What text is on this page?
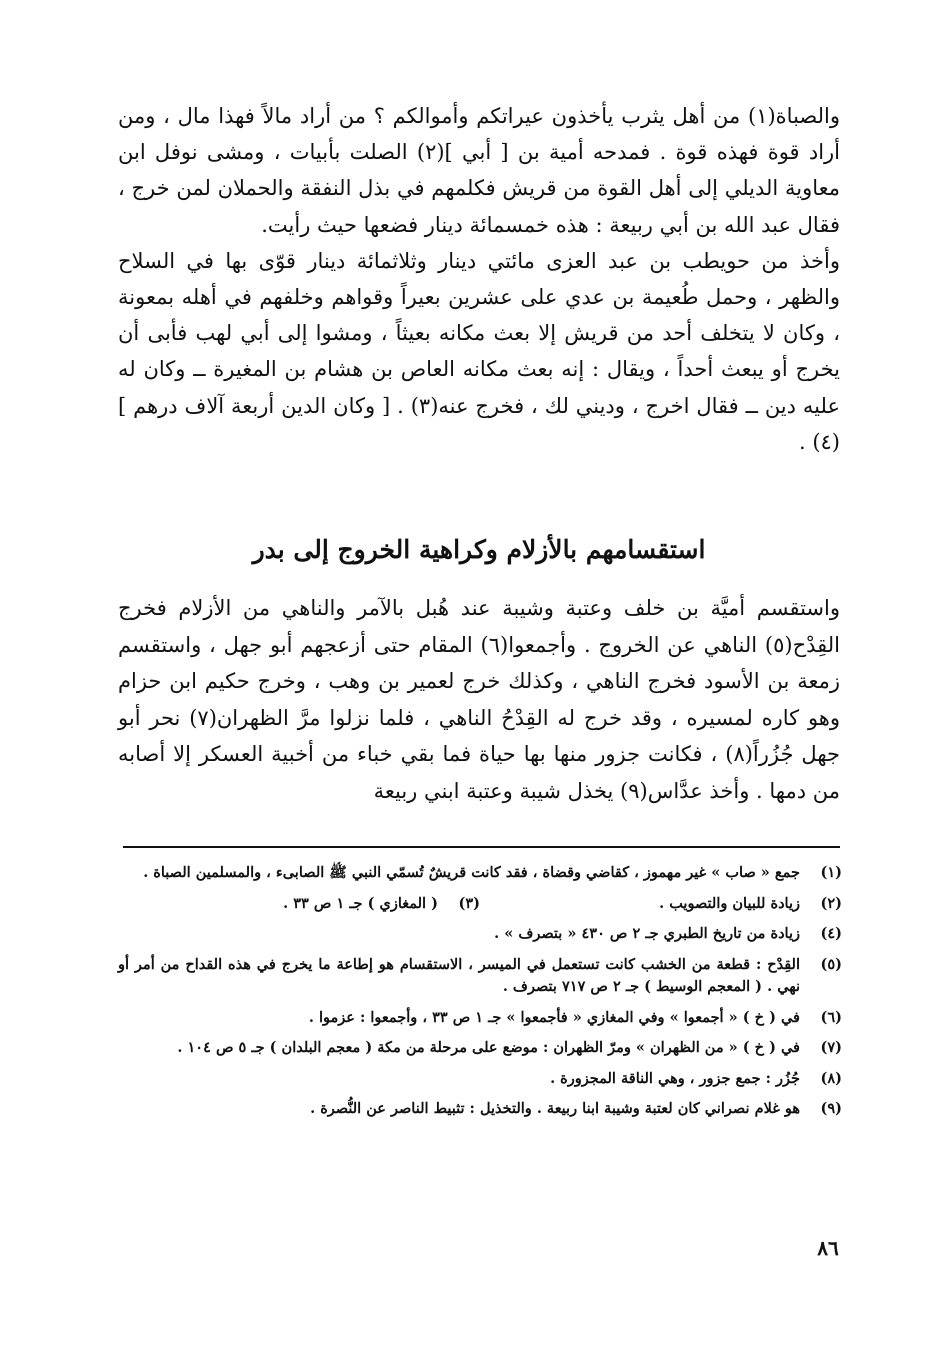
والصباة(١) من أهل يثرب يأخذون عيراتكم وأموالكم ؟ من أراد مالاً فهذا مال ، ومن أراد قوة فهذه قوة . فمدحه أمية بن [ أبي ](٢) الصلت بأبيات ، ومشى نوفل ابن معاوية الديلي إلى أهل القوة من قريش فكلمهم في بذل النفقة والحملان لمن خرج ، فقال عبد الله بن أبي ربيعة : هذه خمسمائة دينار فضعها حيث رأيت.

وأخذ من حويطب بن عبد العزى مائتي دينار وثلاثمائة دينار قوّى بها في السلاح والظهر ، وحمل طُعيمة بن عدي على عشرين بعيراً وقواهم وخلفهم في أهله بمعونة ، وكان لا يتخلف أحد من قريش إلا بعث مكانه بعيثاً ، ومشوا إلى أبي لهب فأبى أن يخرج أو يبعث أحداً ، ويقال : إنه بعث مكانه العاص بن هشام بن المغيرة ــ وكان له عليه دين ــ فقال اخرج ، وديني لك ، فخرج عنه(٣) . [ وكان الدين أربعة آلاف درهم ](٤) .

استقسامهم بالأزلام وكراهية الخروج إلى بدر

واستقسم أميَّة بن خلف وعتبة وشيبة عند هُبل بالآمر والناهي من الأزلام فخرج القِدْح(٥) الناهي عن الخروج . وأجمعوا(٦) المقام حتى أزعجهم أبو جهل ، واستقسم زمعة بن الأسود فخرج الناهي ، وكذلك خرج لعمير بن وهب ، وخرج حكيم ابن حزام وهو كاره لمسيره ، وقد خرج له القِدْحُ الناهي ، فلما نزلوا مرَّ الظهران(٧) نحر أبو جهل جُزُراً(٨) ، فكانت جزور منها بها حياة فما بقي خباء من أخبية العسكر إلا أصابه من دمها . وأخذ عدَّاس(٩) يخذل شيبة وعتبة ابني ربيعة

(١)
جمع « صاب » غير مهموز ، كقاضي وقضاة ، فقد كانت قريشٌ تُسمّي النبي ﷺ الصابىء ، والمسلمين الصباة .
(٢)
زيادة للبيان والتصويب .
(٣)
( المغازي ) جـ ١ ص ٣٣ .
(٤)
زيادة من تاريخ الطبري جـ ٢ ص ٤٣٠ « بتصرف » .
(٥)
القِدْح : قطعة من الخشب كانت تستعمل في الميسر ، الاستقسام هو إطاعة ما يخرج في هذه القداح من أمر أو نهي . ( المعجم الوسيط ) جـ ٢ ص ٧١٧ بتصرف .
(٦)
في ( خ ) « أجمعوا » وفي المغازي « فأجمعوا » جـ ١ ص ٣٣ ، وأجمعوا : عزموا .
(٧)
في ( خ ) « من الظهران » ومرّ الظهران : موضع على مرحلة من مكة ( معجم البلدان ) جـ ٥ ص ١٠٤ .
(٨)
جُزُر : جمع جزور ، وهي الناقة المجزورة .
(٩)
هو غلام نصراني كان لعتبة وشيبة ابنا ربيعة . والتخذيل : تثبيط الناصر عن النُّصرة .
٨٦
